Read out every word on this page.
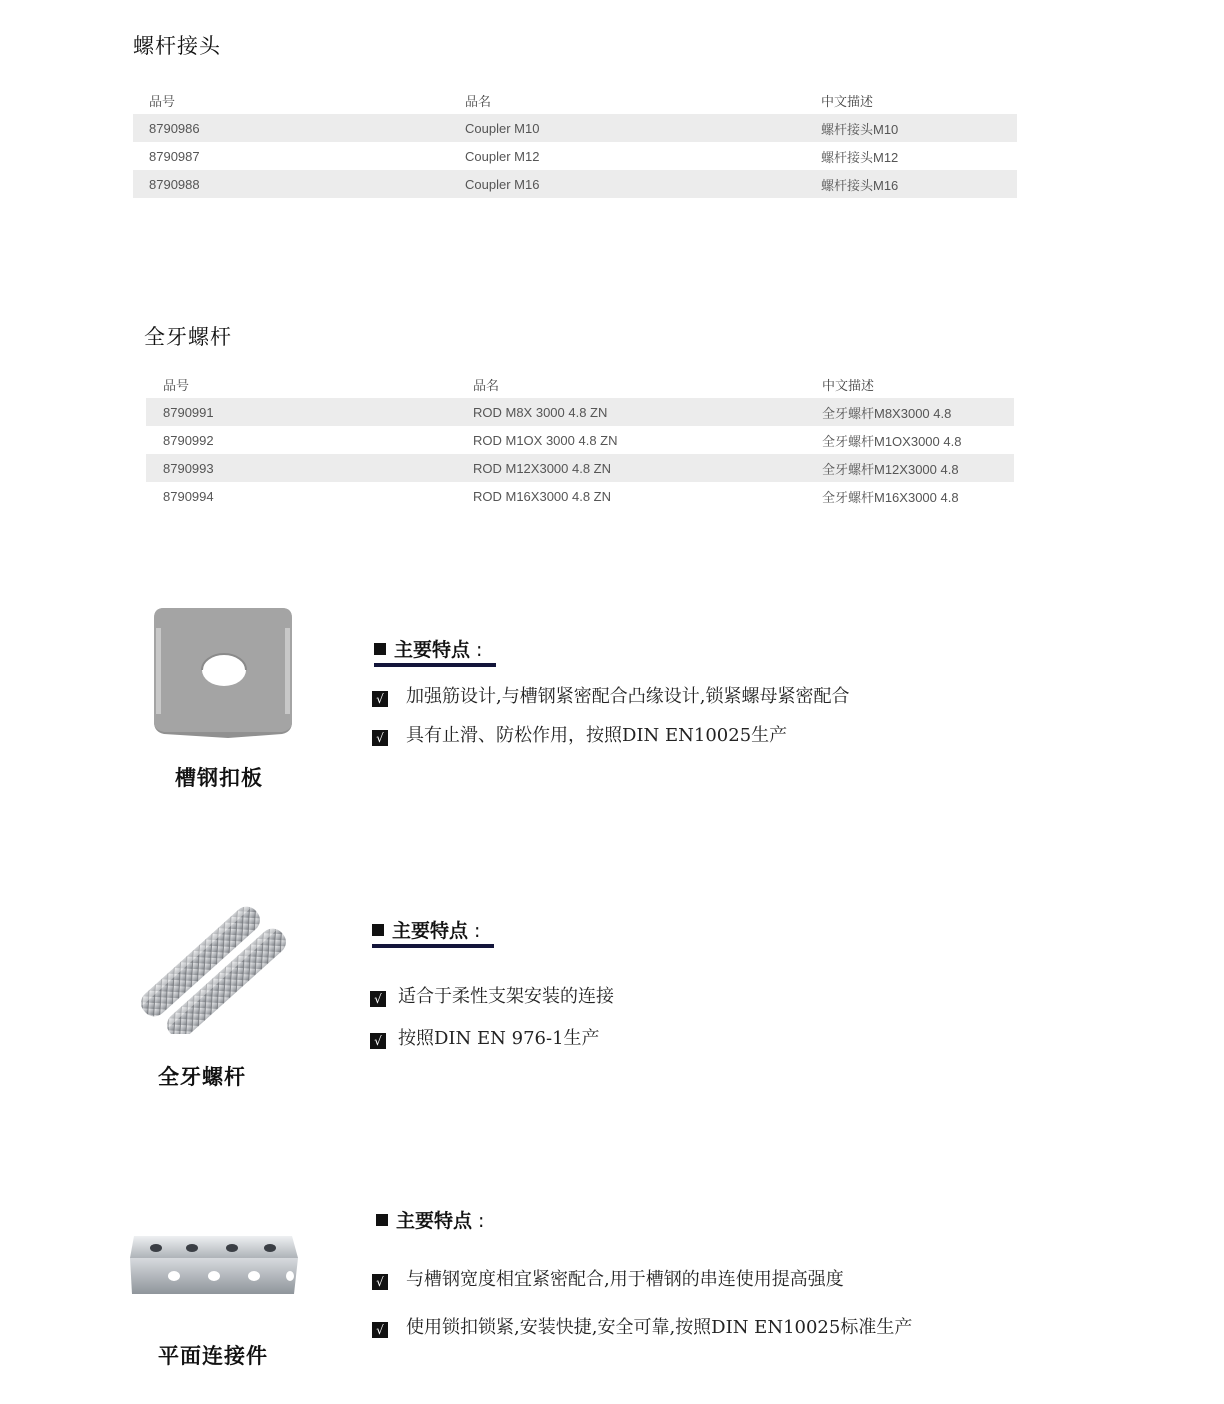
螺杆接头
品号	品名	中文描述
8790986	Coupler M10	螺杆接头M10
8790987	Coupler M12	螺杆接头M12
8790988	Coupler M16	螺杆接头M16
全牙螺杆
品号	品名	中文描述
8790991	ROD M8X 3000 4.8 ZN	全牙螺杆M8X3000 4.8
8790992	ROD M1OX 3000 4.8 ZN	全牙螺杆M1OX3000 4.8
8790993	ROD M12X3000 4.8 ZN	全牙螺杆M12X3000 4.8
8790994	ROD M16X3000 4.8 ZN	全牙螺杆M16X3000 4.8
槽钢扣板
主要特点 :
√ 加强筋设计,与槽钢紧密配合凸缘设计,锁紧螺母紧密配合
√ 具有止滑、防松作用，按照DIN EN10025生产
全牙螺杆
主要特点 :
√ 适合于柔性支架安装的连接
√ 按照DIN EN 976-1生产
平面连接件
主要特点 :
√ 与槽钢宽度相宜紧密配合,用于槽钢的串连使用提高强度
√ 使用锁扣锁紧,安装快捷,安全可靠,按照DIN EN10025标准生产
